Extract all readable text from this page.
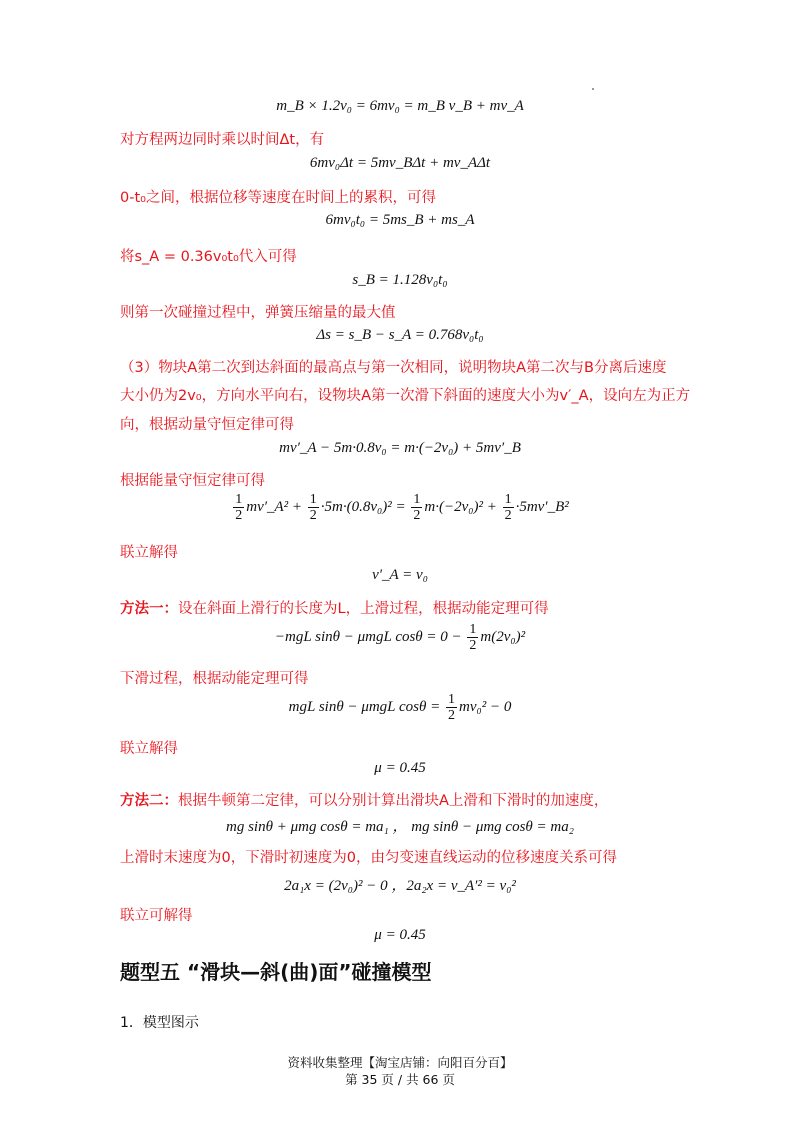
m_B × 1.2v₀ = 6mv₀ = m_B v_B + mv_A
对方程两边同时乘以时间Δt，有
6mv₀Δt = 5mv_BΔt + mv_AΔt
0-t₀之间，根据位移等速度在时间上的累积，可得
6mv₀t₀ = 5ms_B + ms_A
将s_A = 0.36v₀t₀代入可得
s_B = 1.128v₀t₀
则第一次碰撞过程中，弹簧压缩量的最大值
Δs = s_B − s_A = 0.768v₀t₀
（3）物块A第二次到达斜面的最高点与第一次相同，说明物块A第二次与B分离后速度
大小仍为2v₀，方向水平向右，设物块A第一次滑下斜面的速度大小为v′_A，设向左为正方
向，根据动量守恒定律可得
mv′_A − 5m·0.8v₀ = m·(−2v₀) + 5mv′_B
根据能量守恒定律可得
$\frac{1}{2}$ mv′_A² + $\frac{1}{2} \cdot 5m\cdot(0.8v_0)^2 = \frac{1}{2} m\cdot(-2v_0)^2 + \frac{1}{2}$ ·5mv′_B²
联立解得
v′_A = v₀
方法一：设在斜面上滑行的长度为L，上滑过程，根据动能定理可得
−mgL sinθ − μmgL $\cos\theta = 0 - \frac{1}{2} m(2v_0)^2$
下滑过程，根据动能定理可得
mgL sinθ − μmgL $\cos\theta = \frac{1}{2} mv_0^2 - 0$
联立解得
μ = 0.45
方法二：根据牛顿第二定律，可以分别计算出滑块A上滑和下滑时的加速度，
mg sinθ + μmg cosθ = ma₁ ， mg sinθ − μmg cosθ = ma₂
上滑时末速度为0，下滑时初速度为0，由匀变速直线运动的位移速度关系可得
2a₁x = (2v₀)² − 0 ，2a₂x = v_A′² = v₀²
联立可解得
μ = 0.45
题型五 “滑块—斜(曲)面”碰撞模型
1．模型图示
资料收集整理【淘宝店铺：向阳百分百】
第 35 页 / 共 66 页
